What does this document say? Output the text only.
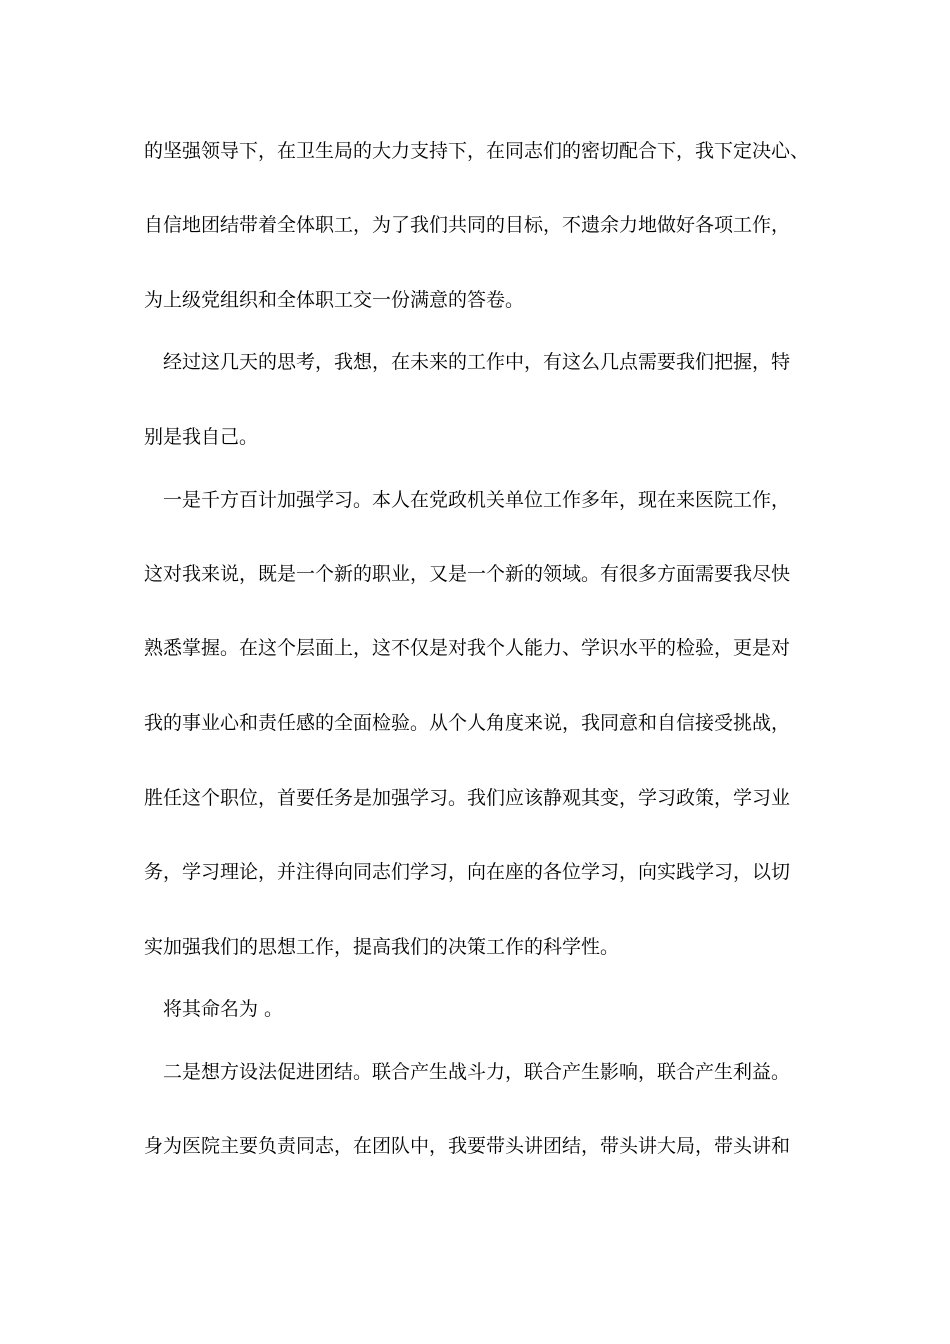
的坚强领导下，在卫生局的大力支持下，在同志们的密切配合下，我下定决心、
自信地团结带着全体职工，为了我们共同的目标，不遗余力地做好各项工作，
为上级党组织和全体职工交一份满意的答卷。
经过这几天的思考，我想，在未来的工作中，有这么几点需要我们把握，特
别是我自己。
一是千方百计加强学习。本人在党政机关单位工作多年，现在来医院工作，
这对我来说，既是一个新的职业，又是一个新的领域。有很多方面需要我尽快
熟悉掌握。在这个层面上，这不仅是对我个人能力、学识水平的检验，更是对
我的事业心和责任感的全面检验。从个人角度来说，我同意和自信接受挑战，
胜任这个职位，首要任务是加强学习。我们应该静观其变，学习政策，学习业
务，学习理论，并注得向同志们学习，向在座的各位学习，向实践学习，以切
实加强我们的思想工作，提高我们的决策工作的科学性。
将其命名为 。
二是想方设法促进团结。联合产生战斗力，联合产生影响，联合产生利益。
身为医院主要负责同志，在团队中，我要带头讲团结，带头讲大局，带头讲和
